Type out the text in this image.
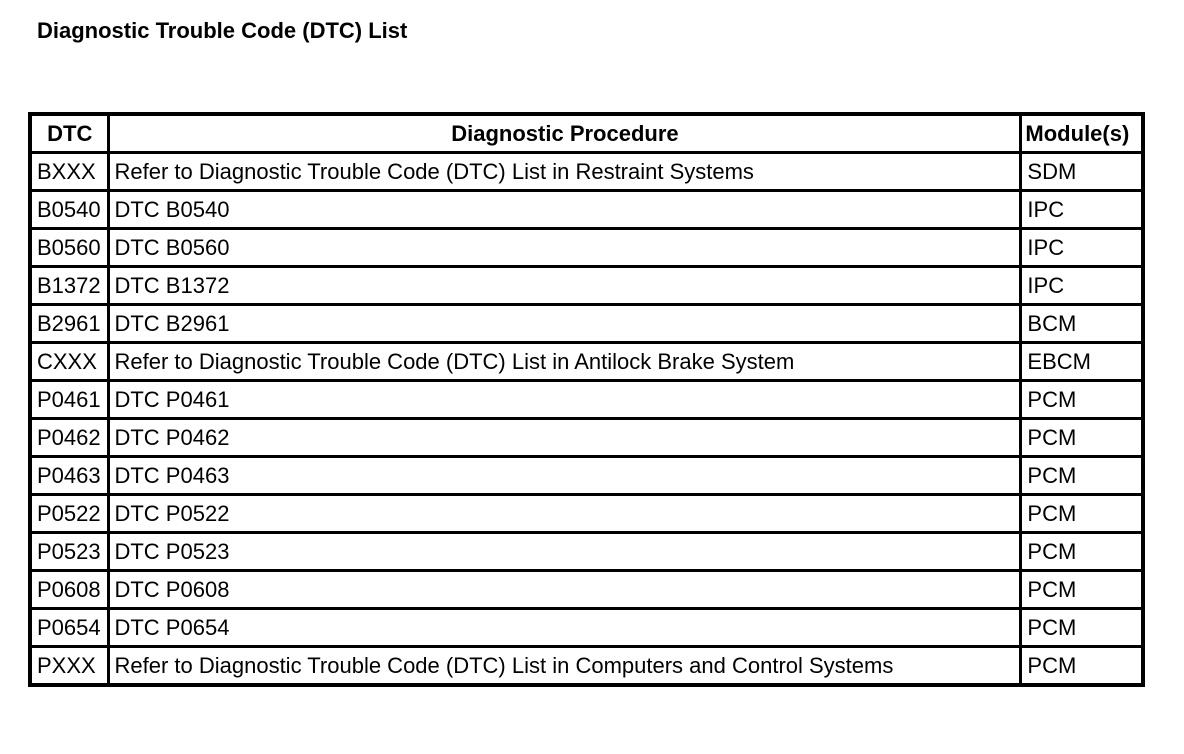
Diagnostic Trouble Code (DTC) List
DTC	Diagnostic Procedure	Module(s)
BXXX	Refer to Diagnostic Trouble Code (DTC) List in Restraint Systems	SDM
B0540	DTC B0540	IPC
B0560	DTC B0560	IPC
B1372	DTC B1372	IPC
B2961	DTC B2961	BCM
CXXX	Refer to Diagnostic Trouble Code (DTC) List in Antilock Brake System	EBCM
P0461	DTC P0461	PCM
P0462	DTC P0462	PCM
P0463	DTC P0463	PCM
P0522	DTC P0522	PCM
P0523	DTC P0523	PCM
P0608	DTC P0608	PCM
P0654	DTC P0654	PCM
PXXX	Refer to Diagnostic Trouble Code (DTC) List in Computers and Control Systems	PCM
